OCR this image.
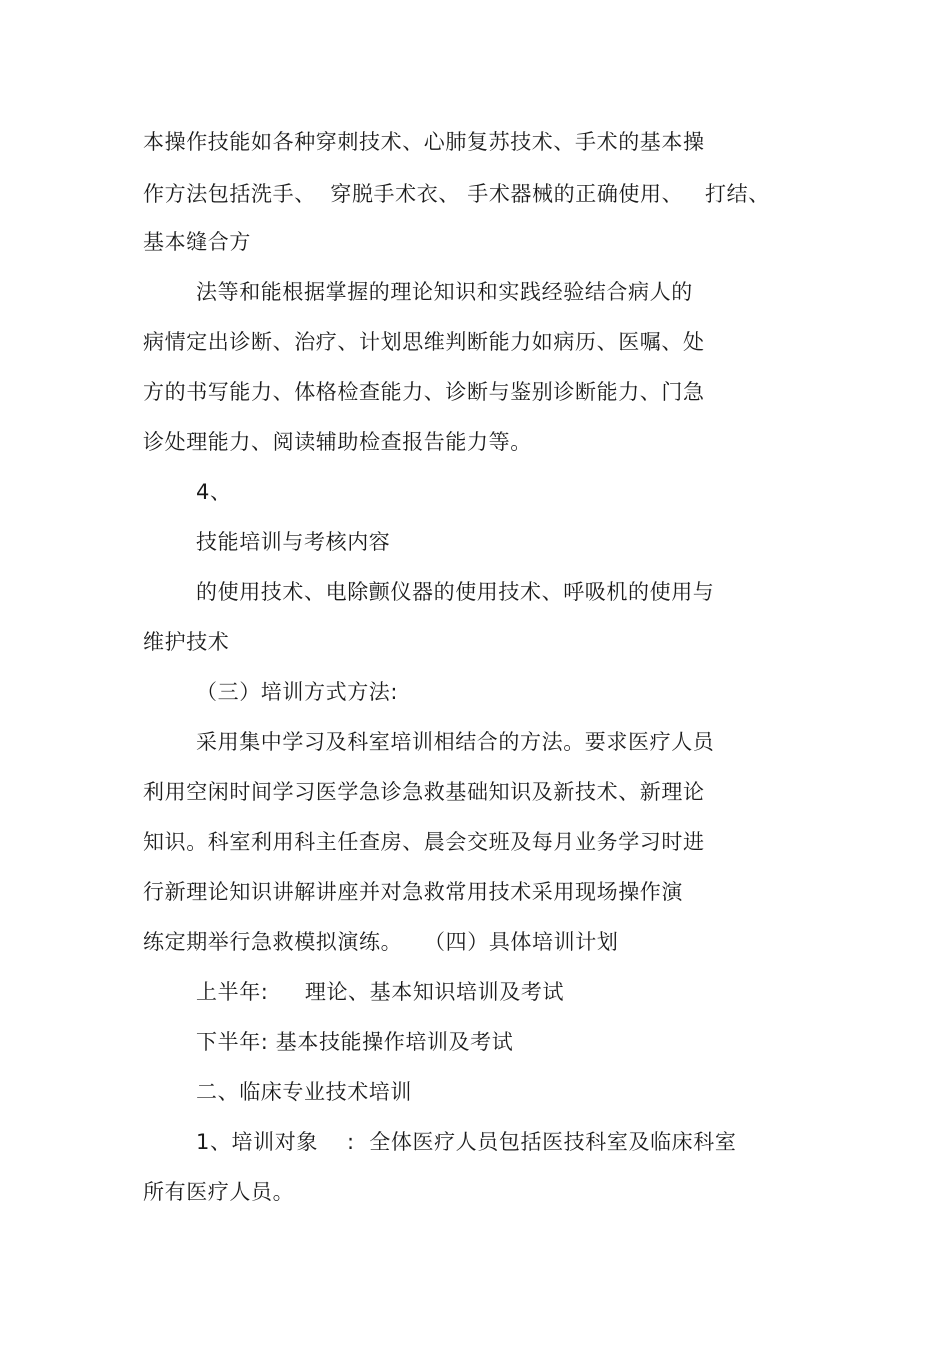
本操作技能如各种穿刺技术、心肺复苏技术、手术的基本操
作方法包括洗手、  穿脱手术衣、 手术器械的正确使用、   打结、
基本缝合方
法等和能根据掌握的理论知识和实践经验结合病人的
病情定出诊断、治疗、计划思维判断能力如病历、医嘱、处
方的书写能力、体格检查能力、诊断与鉴别诊断能力、门急
诊处理能力、阅读辅助检查报告能力等。
4、
技能培训与考核内容
的使用技术、电除颤仪器的使用技术、呼吸机的使用与
维护技术
（三）培训方式方法:
采用集中学习及科室培训相结合的方法。要求医疗人员
利用空闲时间学习医学急诊急救基础知识及新技术、新理论
知识。科室利用科主任查房、晨会交班及每月业务学习时进
行新理论知识讲解讲座并对急救常用技术采用现场操作演
练定期举行急救模拟演练。   （四）具体培训计划
上半年:     理论、基本知识培训及考试
下半年: 基本技能操作培训及考试
二、临床专业技术培训
1、培训对象    :  全体医疗人员包括医技科室及临床科室
所有医疗人员。
